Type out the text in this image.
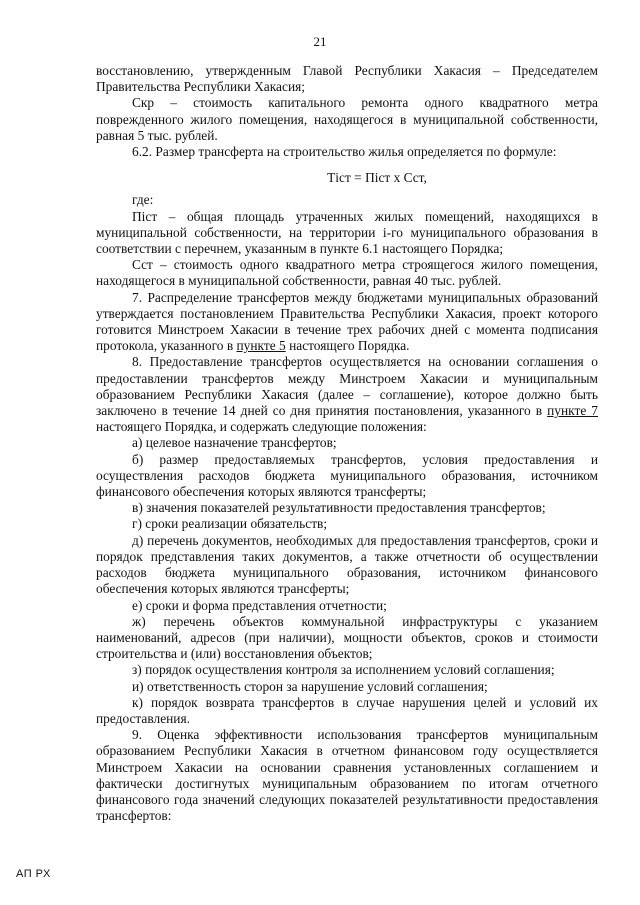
21

восстановлению, утвержденным Главой Республики Хакасия – Председателем Правительства Республики Хакасия;

Скр – стоимость капитального ремонта одного квадратного метра поврежденного жилого помещения, находящегося в муниципальной собственности, равная 5 тыс. рублей.

6.2. Размер трансферта на строительство жилья определяется по формуле:

Тiст = Пiст х Сст,

где:

Пiст – общая площадь утраченных жилых помещений, находящихся в муниципальной собственности, на территории i-го муниципального образования в соответствии с перечнем, указанным в пункте 6.1 настоящего Порядка;

Сст – стоимость одного квадратного метра строящегося жилого помещения, находящегося в муниципальной собственности, равная 40 тыс. рублей.

7. Распределение трансфертов между бюджетами муниципальных образований утверждается постановлением Правительства Республики Хакасия, проект которого готовится Минстроем Хакасии в течение трех рабочих дней с момента подписания протокола, указанного в пункте 5 настоящего Порядка.

8. Предоставление трансфертов осуществляется на основании соглашения о предоставлении трансфертов между Минстроем Хакасии и муниципальным образованием Республики Хакасия (далее – соглашение), которое должно быть заключено в течение 14 дней со дня принятия постановления, указанного в пункте 7 настоящего Порядка, и содержать следующие положения:

а) целевое назначение трансфертов;

б) размер предоставляемых трансфертов, условия предоставления и осуществления расходов бюджета муниципального образования, источником финансового обеспечения которых являются трансферты;

в) значения показателей результативности предоставления трансфертов;

г) сроки реализации обязательств;

д) перечень документов, необходимых для предоставления трансфертов, сроки и порядок представления таких документов, а также отчетности об осуществлении расходов бюджета муниципального образования, источником финансового обеспечения которых являются трансферты;

е) сроки и форма представления отчетности;

ж) перечень объектов коммунальной инфраструктуры с указанием наименований, адресов (при наличии), мощности объектов, сроков и стоимости строительства и (или) восстановления объектов;

з) порядок осуществления контроля за исполнением условий соглашения;

и) ответственность сторон за нарушение условий соглашения;

к) порядок возврата трансфертов в случае нарушения целей и условий их предоставления.

9. Оценка эффективности использования трансфертов муниципальным образованием Республики Хакасия в отчетном финансовом году осуществляется Минстроем Хакасии на основании сравнения установленных соглашением и фактически достигнутых муниципальным образованием по итогам отчетного финансового года значений следующих показателей результативности предоставления трансфертов:

АП РХ
